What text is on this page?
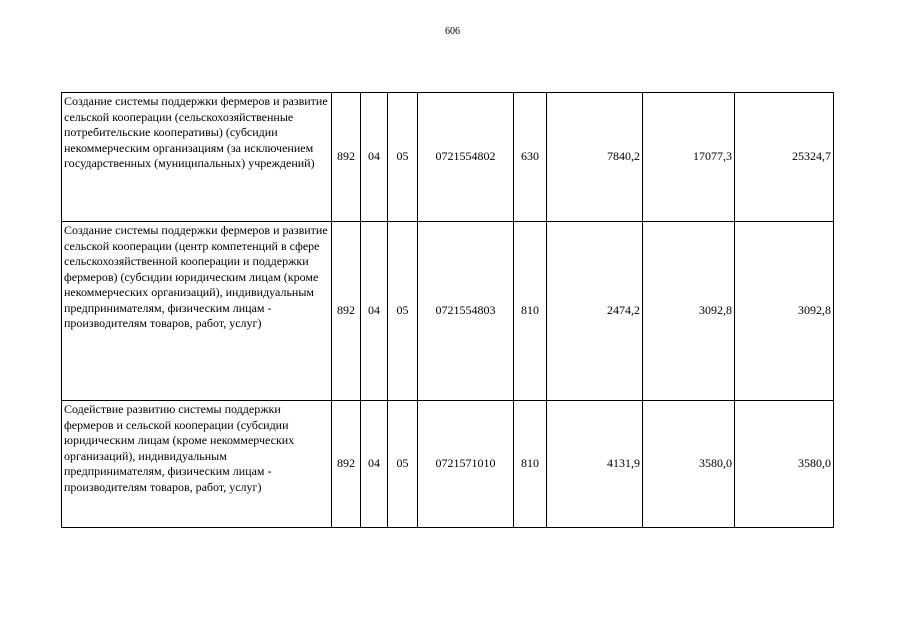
606
Создание системы поддержки фермеров и развитие сельской кооперации (сельскохозяйственные потребительские кооперативы) (субсидии некоммерческим организациям (за исключением государственных (муниципальных) учреждений)	892	04	05	0721554802	630	7840,2	17077,3	25324,7
Создание системы поддержки фермеров и развитие сельской кооперации (центр компетенций в сфере сельскохозяйственной кооперации и поддержки фермеров) (субсидии юридическим лицам (кроме некоммерческих организаций), индивидуальным предпринимателям, физическим лицам - производителям товаров, работ, услуг)	892	04	05	0721554803	810	2474,2	3092,8	3092,8
Содействие развитию системы поддержки фермеров и сельской кооперации (субсидии юридическим лицам (кроме некоммерческих организаций), индивидуальным предпринимателям, физическим лицам - производителям товаров, работ, услуг)	892	04	05	0721571010	810	4131,9	3580,0	3580,0
